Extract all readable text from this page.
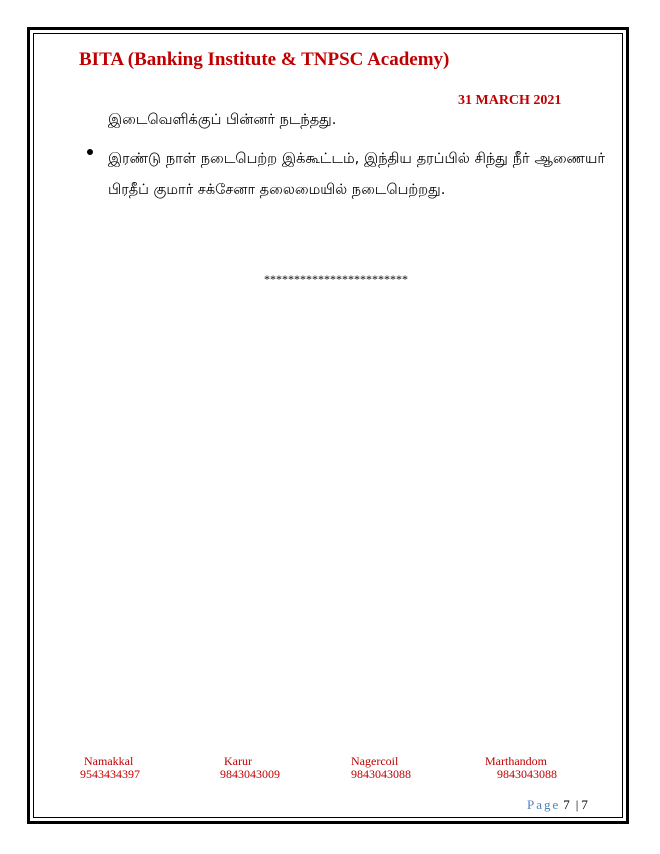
BITA (Banking Institute & TNPSC Academy)
31 MARCH 2021
இடைவெளிக்குப் பின்னர் நடந்தது.
இரண்டு நாள் நடைபெற்ற இக்கூட்டம், இந்திய தரப்பில் சிந்து நீர் ஆணையர் பிரதீப் குமார் சக்சேனா தலைமையில் நடைபெற்றது.
************************
Namakkal
9543434397
Karur
9843043009
Nagercoil
9843043088
Marthandom
9843043088
Page 7 | 7
